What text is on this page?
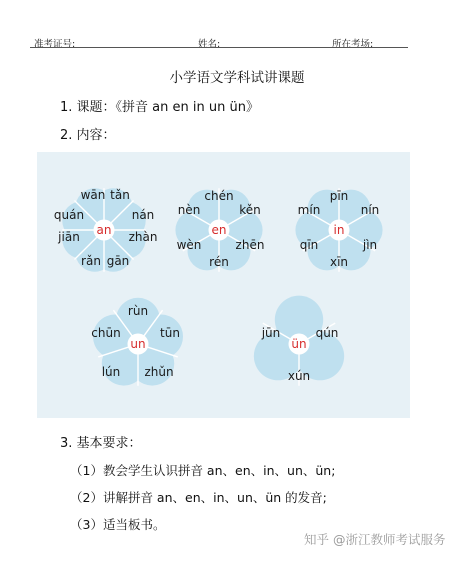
准考证号:	姓名:	所在考场:
小学语文学科试讲课题
1. 课题：《拼音 an en in un ün》
2. 内容：
an
wān tǎn
nán
zhàn
gān
rǎn
jiān
quán
en
chén
kěn
zhēn
rén
wèn
nèn
in
pīn
nín
jìn
xīn
qīn
mín
un
rùn
tūn
zhǔn
lún
chūn
ün
qún
xún
jūn
3. 基本要求：
（1）教会学生认识拼音 an、en、in、un、ün;
（2）讲解拼音 an、en、in、un、ün 的发音;
（3）适当板书。
知乎 @浙江教师考试服务
